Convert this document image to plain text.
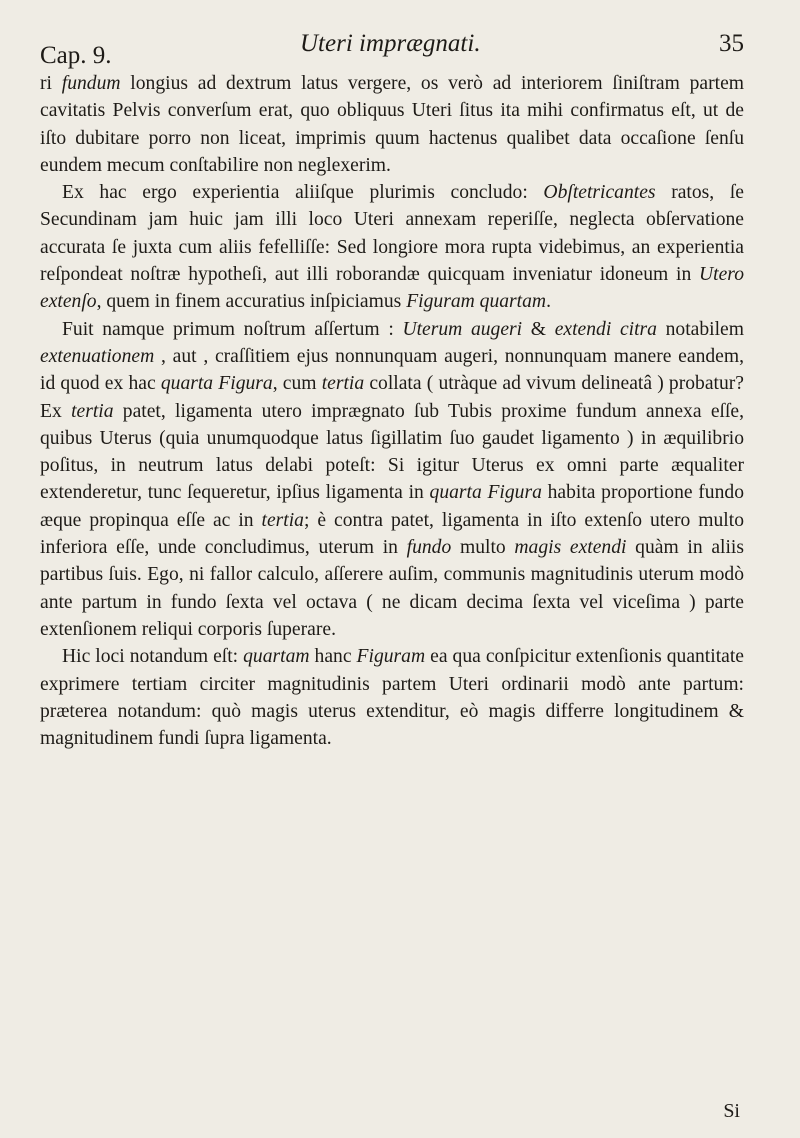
Cap. 9.	Uteri imprægnati.	35

ri fundum longius ad dextrum latus vergere, os verò ad interiorem ſiniſtram partem cavitatis Pelvis converſum erat, quo obliquus Uteri ſitus ita mihi confirmatus eſt, ut de iſto dubitare porro non liceat, imprimis quum hactenus qualibet data occaſione ſenſu eundem mecum conſtabilire non neglexerim.

Ex hac ergo experientia aliiſque plurimis concludo: Obſtetricantes ratos, ſe Secundinam jam huic jam illi loco Uteri annexam reperiſſe, neglecta obſervatione accurata ſe juxta cum aliis fefelliſſe: Sed longiore mora rupta videbimus, an experientia reſpondeat noſtræ hypotheſi, aut illi roborandæ quicquam inveniatur idoneum in Utero extenſo, quem in finem accuratius inſpiciamus Figuram quartam.

Fuit namque primum noſtrum aſſertum : Uterum augeri & extendi citra notabilem extenuationem , aut , craſſitiem ejus nonnunquam augeri, nonnunquam manere eandem, id quod ex hac quarta Figura, cum tertia collata ( utràque ad vivum delineatâ ) probatur? Ex tertia patet, ligamenta utero imprægnato ſub Tubis proxime fundum annexa eſſe, quibus Uterus (quia unumquodque latus ſigillatim ſuo gaudet ligamento ) in æquilibrio poſitus, in neutrum latus delabi poteſt: Si igitur Uterus ex omni parte æqualiter extenderetur, tunc ſequeretur, ipſius ligamenta in quarta Figura habita proportione fundo æque propinqua eſſe ac in tertia; è contra patet, ligamenta in iſto extenſo utero multo inferiora eſſe, unde concludimus, uterum in fundo multo magis extendi quàm in aliis partibus ſuis. Ego, ni fallor calculo, aſſerere auſim, communis magnitudinis uterum modò ante partum in fundo ſexta vel octava ( ne dicam decima ſexta vel viceſima ) parte extenſionem reliqui corporis ſuperare.

Hic loci notandum eſt: quartam hanc Figuram ea qua conſpicitur extenſionis quantitate exprimere tertiam circiter magnitudinis partem Uteri ordinarii modò ante partum: præterea notandum: quò magis uterus extenditur, eò magis differre longitudinem & magnitudinem fundi ſupra ligamenta.

Si
